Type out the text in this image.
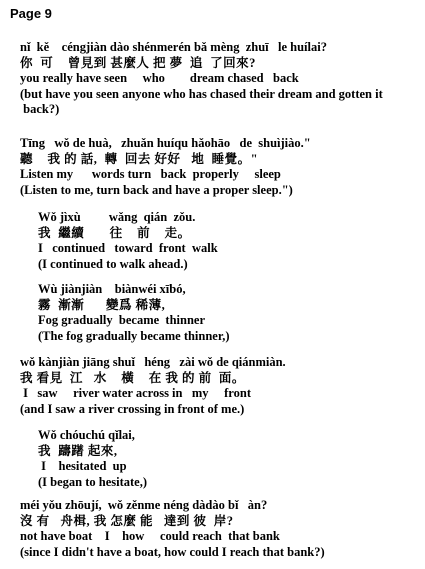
Page 9
nǐ  kě    céngjiàn dào shénmerén bǎ mèng  zhuī   le huílai?
你  可    曾見到 甚麼人 把 夢  追  了回來?
you really have seen     who        dream chased   back
(but have you seen anyone who has chased their dream and gotten it
back?)
Tīng   wǒ de huà,   zhuǎn huíqu hǎohāo   de  shuìjiào."
聽    我 的 話,  轉  回去 好好   地  睡覺。"
Listen my      words turn   back  properly     sleep
(Listen to me, turn back and have a proper sleep.")
Wǒ jìxù         wǎng  qián  zǒu.
我  繼續       往    前    走。
I   continued   toward  front  walk
(I continued to walk ahead.)
Wù jiànjiàn    biànwéi xībó,
霧  漸漸      變爲 稀薄,
Fog gradually  became  thinner
(The fog gradually became thinner,)
wǒ kànjiàn jiāng shuǐ   héng   zài wǒ de qiánmiàn.
我 看見  江   水    橫    在 我 的 前  面。
I   saw     river water across in   my     front
(and I saw a river crossing in front of me.)
Wǒ chóuchú qǐlai,
我  躊躇 起來,
I    hesitated  up
(I began to hesitate,)
méi yǒu zhōují,  wǒ zěnme néng dàdào bǐ   àn?
沒 有   舟楫, 我 怎麼 能   達到 彼  岸?
not have boat    I    how     could reach  that bank
(since I didn't have a boat, how could I reach that bank?)
